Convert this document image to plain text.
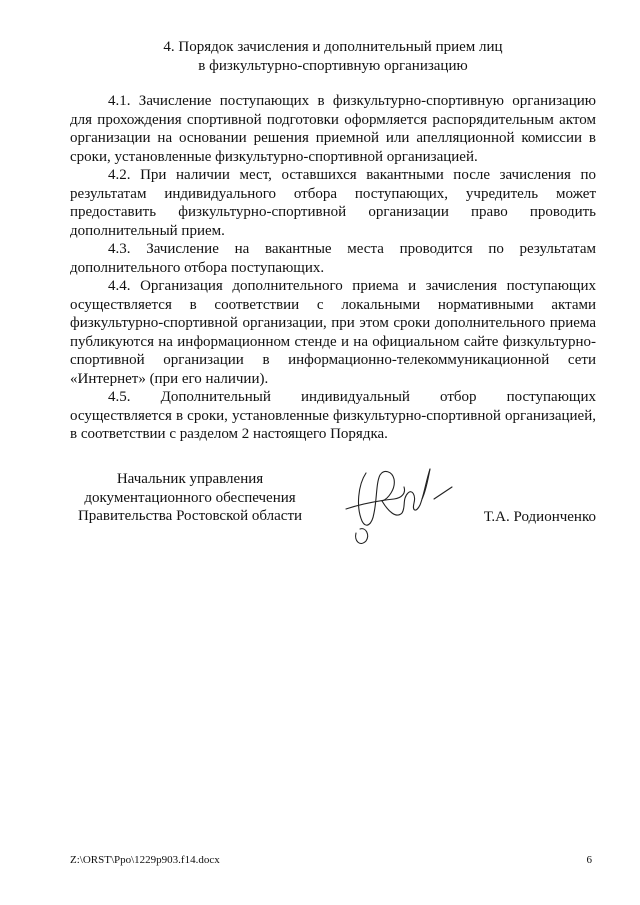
4. Порядок зачисления и дополнительный прием лиц
в физкультурно-спортивную организацию

4.1. Зачисление поступающих в физкультурно-спортивную организацию для прохождения спортивной подготовки оформляется распорядительным актом организации на основании решения приемной или апелляционной комиссии в сроки, установленные физкультурно-спортивной организацией.

4.2. При наличии мест, оставшихся вакантными после зачисления по результатам индивидуального отбора поступающих, учредитель может предоставить физкультурно-спортивной организации право проводить дополнительный прием.

4.3. Зачисление на вакантные места проводится по результатам дополнительного отбора поступающих.

4.4. Организация дополнительного приема и зачисления поступающих осуществляется в соответствии с локальными нормативными актами физкультурно-спортивной организации, при этом сроки дополнительного приема публикуются на информационном стенде и на официальном сайте физкультурно-спортивной организации в информационно-телекоммуникационной сети «Интернет» (при его наличии).

4.5. Дополнительный индивидуальный отбор поступающих осуществляется в сроки, установленные физкультурно-спортивной организацией, в соответствии с разделом 2 настоящего Порядка.

Начальник управления
документационного обеспечения
Правительства Ростовской области	Т.А. Родионченко
Z:\ORST\Ppo\1229p903.f14.docx	6
